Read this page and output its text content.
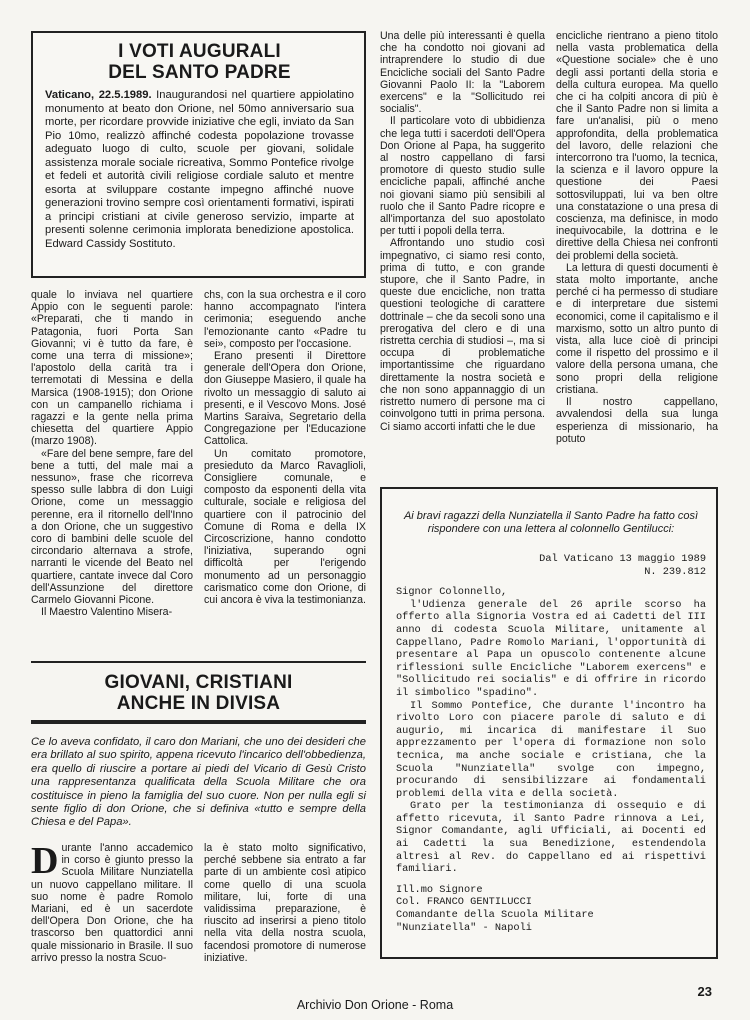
I VOTI AUGURALI
DEL SANTO PADRE
Vaticano, 22.5.1989. Inaugurandosi nel quartiere appiolatino monumento at beato don Orione, nel 50mo anniversario sua morte, per ricordare provvide iniziative che egli, inviato da San Pio 10mo, realizzò affinché codesta popolazione trovasse adeguato luogo di culto, scuole per giovani, solidale assistenza morale sociale ricreativa, Sommo Pontefice rivolge et fedeli et autorità civili religiose cordiale saluto et mentre esorta at sviluppare costante impegno affinché nuove generazioni trovino sempre così orientamenti formativi, ispirati a principi cristiani at civile generoso servizio, imparte at presenti solenne cerimonia implorata benedizione apostolica. Edward Cassidy Sostituto.

quale lo inviava nel quartiere Appio con le seguenti parole: «Preparati, che ti mando in Patagonia, fuori Porta San Giovanni; vi è tutto da fare, è come una terra di missione»; l'apostolo della carità tra i terremotati di Messina e della Marsica (1908-1915); don Orione con un campanello richiama i ragazzi e la gente nella prima chiesetta del quartiere Appio (marzo 1908).

«Fare del bene sempre, fare del bene a tutti, del male mai a nessuno», frase che ricorreva spesso sulle labbra di don Luigi Orione, come un messaggio perenne, era il ritornello dell'Inno a don Orione, che un suggestivo coro di bambini delle scuole del circondario alternava a strofe, narranti le vicende del Beato nel quartiere, cantate invece dal Coro dell'Assunzione del direttore Carmelo Giovanni Picone.

Il Maestro Valentino Misera-

chs, con la sua orchestra e il coro hanno accompagnato l'intera cerimonia; eseguendo anche l'emozionante canto «Padre tu sei», composto per l'occasione.

Erano presenti il Direttore generale dell'Opera don Orione, don Giuseppe Masiero, il quale ha rivolto un messaggio di saluto ai presenti, e il Vescovo Mons. José Martins Saraiva, Segretario della Congregazione per l'Educazione Cattolica.

Un comitato promotore, presieduto da Marco Ravaglioli, Consigliere comunale, e composto da esponenti della vita culturale, sociale e religiosa del quartiere con il patrocinio del Comune di Roma e della IX Circoscrizione, hanno condotto l'iniziativa, superando ogni difficoltà per l'erigendo monumento ad un personaggio carismatico come don Orione, di cui ancora è viva la testimonianza.

GIOVANI, CRISTIANI
ANCHE IN DIVISA
Ce lo aveva confidato, il caro don Mariani, che uno dei desideri che era brillato al suo spirito, appena ricevuto l'incarico dell'obbedienza, era quello di riuscire a portare ai piedi del Vicario di Gesù Cristo una rappresentanza qualificata della Scuola Militare che ora costituisce in pieno la famiglia del suo cuore. Non per nulla egli si sente figlio di don Orione, che si definiva «tutto e sempre della Chiesa e del Papa».
D urante l'anno accademico in corso è giunto presso la Scuola Militare Nunziatella un nuovo cappellano militare. Il suo nome è padre Romolo Mariani, ed è un sacerdote dell'Opera Don Orione, che ha trascorso ben quattordici anni quale missionario in Brasile. Il suo arrivo presso la nostra Scuo-
la è stato molto significativo, perché sebbene sia entrato a far parte di un ambiente così atipico come quello di una scuola militare, lui, forte di una validissima preparazione, è riuscito ad inserirsi a pieno titolo nella vita della nostra scuola, facendosi promotore di numerose iniziative.

Una delle più interessanti è quella che ha condotto noi giovani ad intraprendere lo studio di due Encicliche sociali del Santo Padre Giovanni Paolo II: la "Laborem exercens" e la "Sollicitudo rei socialis".

Il particolare voto di ubbidienza che lega tutti i sacerdoti dell'Opera Don Orione al Papa, ha suggerito al nostro cappellano di farsi promotore di questo studio sulle encicliche papali, affinché anche noi giovani siamo più sensibili al ruolo che il Santo Padre ricopre e all'importanza del suo apostolato per tutti i popoli della terra.

Affrontando uno studio così impegnativo, ci siamo resi conto, prima di tutto, e con grande stupore, che il Santo Padre, in queste due encicliche, non tratta questioni teologiche di carattere dottrinale – che da secoli sono una prerogativa del clero e di una ristretta cerchia di studiosi –, ma si occupa di problematiche importantissime che riguardano direttamente la nostra società e che non sono appannaggio di un ristretto numero di persone ma ci coinvolgono tutti in prima persona. Ci siamo accorti infatti che le due

encicliche rientrano a pieno titolo nella vasta problematica della «Questione sociale» che è uno degli assi portanti della storia e della cultura europea. Ma quello che ci ha colpiti ancora di più è che il Santo Padre non si limita a fare un'analisi, più o meno approfondita, della problematica del lavoro, delle relazioni che intercorrono tra l'uomo, la tecnica, la scienza e il lavoro oppure la questione dei Paesi sottosviluppati, lui va ben oltre una constatazione o una presa di coscienza, ma definisce, in modo inequivocabile, la dottrina e le direttive della Chiesa nei confronti dei problemi della società.

La lettura di questi documenti è stata molto importante, anche perché ci ha permesso di studiare e di interpretare due sistemi economici, come il capitalismo e il marxismo, sotto un altro punto di vista, alla luce cioè di principi come il rispetto del prossimo e il valore della persona umana, che sono propri della religione cristiana.

Il nostro cappellano, avvalendosi della sua lunga esperienza di missionario, ha potuto

Ai bravi ragazzi della Nunziatella il Santo Padre ha fatto così rispondere con una lettera al colonnello Gentilucci:
Dal Vaticano 13 maggio 1989
N. 239.812

Signor Colonnello,

l'Udienza generale del 26 aprile scorso ha offerto alla Signoria Vostra ed ai Cadetti del III anno di codesta Scuola Militare, unitamente al Cappellano, Padre Romolo Mariani, l'opportunità di presentare al Papa un opuscolo contenente alcune riflessioni sulle Encicliche "Laborem exercens" e "Sollicitudo rei socialis" e di offrire in ricordo il simbolico "spadino".

Il Sommo Pontefice, Che durante l'incontro ha rivolto Loro con piacere parole di saluto e di augurio, mi incarica di manifestare il Suo apprezzamento per l'opera di formazione non solo tecnica, ma anche sociale e cristiana, che la Scuola "Nunziatella" svolge con impegno, procurando di sensibilizzare ai fondamentali problemi della vita e della società.

Grato per la testimonianza di ossequio e di affetto ricevuta, il Santo Padre rinnova a Lei, Signor Comandante, agli Ufficiali, ai Docenti ed ai Cadetti la sua Benedizione, estendendola altresì al Rev. do Cappellano ed ai rispettivi familiari.

Ill.mo Signore
Col. FRANCO GENTILUCCI
Comandante della Scuola Militare
"Nunziatella" - Napoli
23
Archivio Don Orione - Roma
